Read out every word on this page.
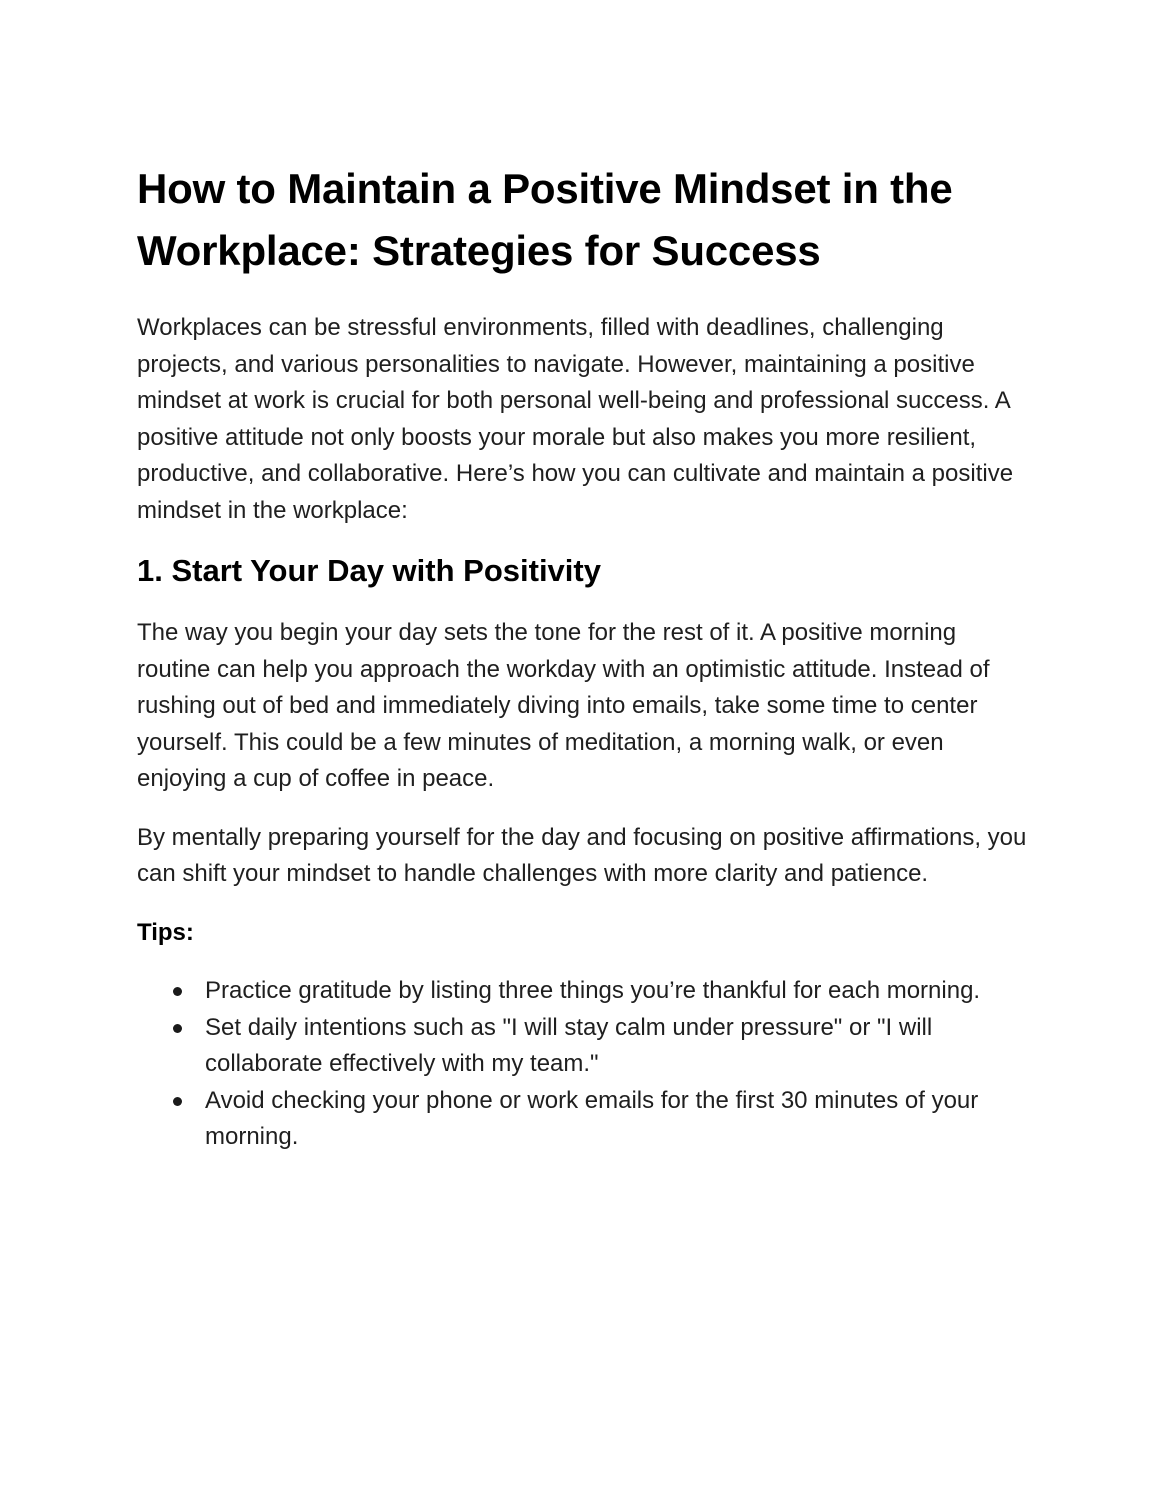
How to Maintain a Positive Mindset in the Workplace: Strategies for Success

Workplaces can be stressful environments, filled with deadlines, challenging projects, and various personalities to navigate. However, maintaining a positive mindset at work is crucial for both personal well-being and professional success. A positive attitude not only boosts your morale but also makes you more resilient, productive, and collaborative. Here’s how you can cultivate and maintain a positive mindset in the workplace:

1. Start Your Day with Positivity

The way you begin your day sets the tone for the rest of it. A positive morning routine can help you approach the workday with an optimistic attitude. Instead of rushing out of bed and immediately diving into emails, take some time to center yourself. This could be a few minutes of meditation, a morning walk, or even enjoying a cup of coffee in peace.

By mentally preparing yourself for the day and focusing on positive affirmations, you can shift your mindset to handle challenges with more clarity and patience.

Tips:

Practice gratitude by listing three things you’re thankful for each morning.
Set daily intentions such as "I will stay calm under pressure" or "I will collaborate effectively with my team."
Avoid checking your phone or work emails for the first 30 minutes of your morning.
